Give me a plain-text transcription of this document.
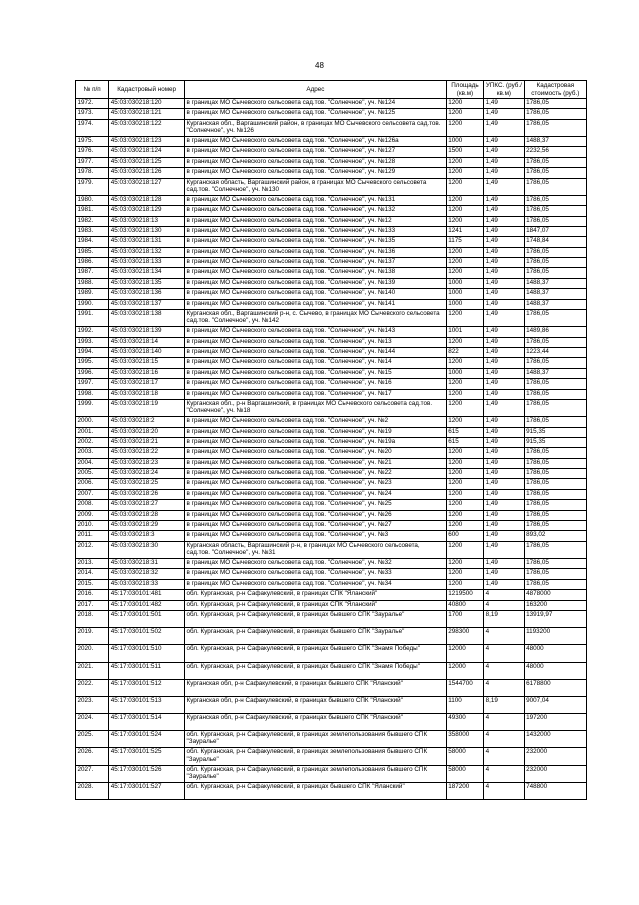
48
№ п/п	Кадастровый номер	Адрес	Площадь (кв.м)	УПКС. (руб./кв.м)	Кадастровая стоимость (руб.)
1972.	45:03:030218:120	в границах МО Сычевского сельсовета сад.тов. "Солнечное", уч. №124	1200	1,49	1786,05
1973.	45:03:030218:121	в границах МО Сычевского сельсовета сад.тов. "Солнечное", уч. №125	1200	1,49	1786,05
1974.	45:03:030218:122	Курганская обл., Варгашинский район, в границах МО Сычевского сельсовета сад.тов. "Солнечное", уч. №126	1200	1,49	1786,05
1975.	45:03:030218:123	в границах МО Сычевского сельсовета сад.тов. "Солнечное", уч. №126а	1000	1,49	1488,37
1976.	45:03:030218:124	в границах МО Сычевского сельсовета сад.тов. "Солнечное", уч. №127	1500	1,49	2232,56
1977.	45:03:030218:125	в границах МО Сычевского сельсовета сад.тов. "Солнечное", уч. №128	1200	1,49	1786,05
1978.	45:03:030218:126	в границах МО Сычевского сельсовета сад.тов. "Солнечное", уч. №129	1200	1,49	1786,05
1979.	45:03:030218:127	Курганская область, Варгашинский район, в границах МО Сычевского сельсовета сад.тов. "Солнечное", уч. №130	1200	1,49	1786,05
1980.	45:03:030218:128	в границах МО Сычевского сельсовета сад.тов. "Солнечное", уч. №131	1200	1,49	1786,05
1981.	45:03:030218:129	в границах МО Сычевского сельсовета сад.тов. "Солнечное", уч. №132	1200	1,49	1786,05
1982.	45:03:030218:13	в границах МО Сычевского сельсовета сад.тов. "Солнечное", уч. №12	1200	1,49	1786,05
1983.	45:03:030218:130	в границах МО Сычевского сельсовета сад.тов. "Солнечное", уч. №133	1241	1,49	1847,07
1984.	45:03:030218:131	в границах МО Сычевского сельсовета сад.тов. "Солнечное", уч. №135	1175	1,49	1748,84
1985.	45:03:030218:132	в границах МО Сычевского сельсовета сад.тов. "Солнечное", уч. №136	1200	1,49	1786,05
1986.	45:03:030218:133	в границах МО Сычевского сельсовета сад.тов. "Солнечное", уч. №137	1200	1,49	1786,05
1987.	45:03:030218:134	в границах МО Сычевского сельсовета сад.тов. "Солнечное", уч. №138	1200	1,49	1786,05
1988.	45:03:030218:135	в границах МО Сычевского сельсовета сад.тов. "Солнечное", уч. №139	1000	1,49	1488,37
1989.	45:03:030218:136	в границах МО Сычевского сельсовета сад.тов. "Солнечное", уч. №140	1000	1,49	1488,37
1990.	45:03:030218:137	в границах МО Сычевского сельсовета сад.тов. "Солнечное", уч. №141	1000	1,49	1488,37
1991.	45:03:030218:138	Курганская обл., Варгашинский р-н, с. Сычево, в границах МО Сычевского сельсовета сад.тов. "Солнечное", уч. №142	1200	1,49	1786,05
1992.	45:03:030218:139	в границах МО Сычевского сельсовета сад.тов. "Солнечное", уч. №143	1001	1,49	1489,86
1993.	45:03:030218:14	в границах МО Сычевского сельсовета сад.тов. "Солнечное", уч. №13	1200	1,49	1786,05
1994.	45:03:030218:140	в границах МО Сычевского сельсовета сад.тов. "Солнечное", уч. №144	822	1,49	1223,44
1995.	45:03:030218:15	в границах МО Сычевского сельсовета сад.тов. "Солнечное", уч. №14	1200	1,49	1786,05
1996.	45:03:030218:16	в границах МО Сычевского сельсовета сад.тов. "Солнечное", уч. №15	1000	1,49	1488,37
1997.	45:03:030218:17	в границах МО Сычевского сельсовета сад.тов. "Солнечное", уч. №16	1200	1,49	1786,05
1998.	45:03:030218:18	в границах МО Сычевского сельсовета сад.тов. "Солнечное", уч. №17	1200	1,49	1786,05
1999.	45:03:030218:19	Курганская обл., р-н Варгашинский, в границах МО Сычевского сельсовета сад.тов. "Солнечное", уч. №18	1200	1,49	1786,05
2000.	45:03:030218:2	в границах МО Сычевского сельсовета сад.тов. "Солнечное", уч. №2	1200	1,49	1786,05
2001.	45:03:030218:20	в границах МО Сычевского сельсовета сад.тов. "Солнечное", уч. №19	615	1,49	915,35
2002.	45:03:030218:21	в границах МО Сычевского сельсовета сад.тов. "Солнечное", уч. №19а	615	1,49	915,35
2003.	45:03:030218:22	в границах МО Сычевского сельсовета сад.тов. "Солнечное", уч. №20	1200	1,49	1786,05
2004.	45:03:030218:23	в границах МО Сычевского сельсовета сад.тов. "Солнечное", уч. №21	1200	1,49	1786,05
2005.	45:03:030218:24	в границах МО Сычевского сельсовета сад.тов. "Солнечное", уч. №22	1200	1,49	1786,05
2006.	45:03:030218:25	в границах МО Сычевского сельсовета сад.тов. "Солнечное", уч. №23	1200	1,49	1786,05
2007.	45:03:030218:26	в границах МО Сычевского сельсовета сад.тов. "Солнечное", уч. №24	1200	1,49	1786,05
2008.	45:03:030218:27	в границах МО Сычевского сельсовета сад.тов. "Солнечное", уч. №25	1200	1,49	1786,05
2009.	45:03:030218:28	в границах МО Сычевского сельсовета сад.тов. "Солнечное", уч. №26	1200	1,49	1786,05
2010.	45:03:030218:29	в границах МО Сычевского сельсовета сад.тов. "Солнечное", уч. №27	1200	1,49	1786,05
2011.	45:03:030218:3	в границах МО Сычевского сельсовета сад.тов. "Солнечное", уч. №3	600	1,49	893,02
2012.	45:03:030218:30	Курганская область, Варгашинский р-н, в границах МО Сычевского сельсовета, сад.тов. "Солнечное", уч. №31	1200	1,49	1786,05
2013.	45:03:030218:31	в границах МО Сычевского сельсовета сад.тов. "Солнечное", уч. №32	1200	1,49	1786,05
2014.	45:03:030218:32	в границах МО Сычевского сельсовета сад.тов. "Солнечное", уч. №33	1200	1,49	1786,05
2015.	45:03:030218:33	в границах МО Сычевского сельсовета сад.тов. "Солнечное", уч. №34	1200	1,49	1786,05
2016.	45:17:030101:481	обл. Курганская, р-н Сафакулевский, в границах СПК "Яланский"	1219500	4	4878000
2017.	45:17:030101:482	обл. Курганская, р-н Сафакулевский, в границах СПК "Яланский"	40800	4	163200
2018.	45:17:030101:501	обл. Курганская, р-н Сафакулевский, в границах бывшего СПК "Зауралье"	1700	8,19	13919,97
2019.	45:17:030101:502	обл. Курганская, р-н Сафакулевский, в границах бывшего СПК "Зауралье"	298300	4	1193200
2020.	45:17:030101:510	обл. Курганская, р-н Сафакулевский, в границах бывшего СПК "Знамя Победы"	12000	4	48000
2021.	45:17:030101:511	обл. Курганская, р-н Сафакулевский, в границах бывшего СПК "Знамя Победы"	12000	4	48000
2022.	45:17:030101:512	Курганская обл, р-н Сафакулевский, в границах бывшего СПК "Яланский"	1544700	4	6178800
2023.	45:17:030101:513	Курганская обл, р-н Сафакулевский, в границах бывшего СПК "Яланский"	1100	8,19	9007,04
2024.	45:17:030101:514	Курганская обл, р-н Сафакулевский, в границах бывшего СПК "Яланский"	49300	4	197200
2025.	45:17:030101:524	обл. Курганская, р-н Сафакулевский, в границах землепользования бывшего СПК "Зауралье"	358000	4	1432000
2026.	45:17:030101:525	обл. Курганская, р-н Сафакулевский, в границах землепользования бывшего СПК "Зауралье"	58000	4	232000
2027.	45:17:030101:526	обл. Курганская, р-н Сафакулевский, в границах землепользования бывшего СПК "Зауралье"	58000	4	232000
2028.	45:17:030101:527	обл. Курганская, р-н Сафакулевский, в границах бывшего СПК "Яланский"	187200	4	748800
